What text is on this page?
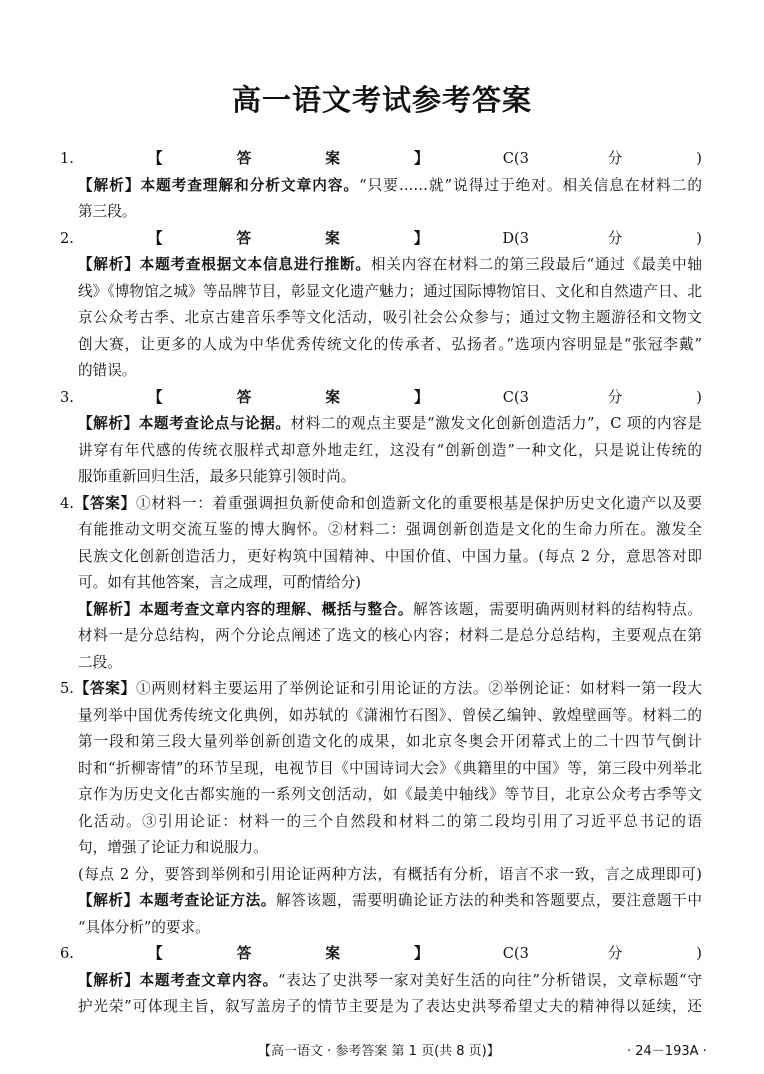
高一语文考试参考答案
1.【答案】C(3 分)
【解析】本题考查理解和分析文章内容。“只要……就”说得过于绝对。相关信息在材料二的
第三段。
2.【答案】D(3 分)
【解析】本题考查根据文本信息进行推断。相关内容在材料二的第三段最后“通过《最美中轴
线》《博物馆之城》等品牌节目，彰显文化遗产魅力；通过国际博物馆日、文化和自然遗产日、北
京公众考古季、北京古建音乐季等文化活动，吸引社会公众参与；通过文物主题游径和文物文
创大赛，让更多的人成为中华优秀传统文化的传承者、弘扬者。”选项内容明显是“张冠李戴”
的错误。
3.【答案】C(3 分)
【解析】本题考查论点与论据。材料二的观点主要是“激发文化创新创造活力”，C 项的内容是
讲穿有年代感的传统衣服样式却意外地走红，这没有“创新创造”一种文化，只是说让传统的
服饰重新回归生活，最多只能算引领时尚。
4.【答案】①材料一：着重强调担负新使命和创造新文化的重要根基是保护历史文化遗产以及要
有能推动文明交流互鉴的博大胸怀。②材料二：强调创新创造是文化的生命力所在。激发全
民族文化创新创造活力，更好构筑中国精神、中国价值、中国力量。(每点 2 分，意思答对即
可。如有其他答案，言之成理，可酌情给分)
【解析】本题考查文章内容的理解、概括与整合。解答该题，需要明确两则材料的结构特点。
材料一是分总结构，两个分论点阐述了选文的核心内容；材料二是总分总结构，主要观点在第
二段。
5.【答案】①两则材料主要运用了举例论证和引用论证的方法。②举例论证：如材料一第一段大
量列举中国优秀传统文化典例，如苏轼的《潇湘竹石图》、曾侯乙编钟、敦煌壁画等。材料二的
第一段和第三段大量列举创新创造文化的成果，如北京冬奥会开闭幕式上的二十四节气倒计
时和“折柳寄情”的环节呈现，电视节目《中国诗词大会》《典籍里的中国》等，第三段中列举北
京作为历史文化古都实施的一系列文创活动，如《最美中轴线》等节目，北京公众考古季等文
化活动。③引用论证：材料一的三个自然段和材料二的第二段均引用了习近平总书记的语
句，增强了论证力和说服力。
(每点 2 分，要答到举例和引用论证两种方法，有概括有分析，语言不求一致，言之成理即可)
【解析】本题考查论证方法。解答该题，需要明确论证方法的种类和答题要点，要注意题干中
“具体分析”的要求。
6.【答案】C(3 分)
【解析】本题考查文章内容。“表达了史洪琴一家对美好生活的向往”分析错误，文章标题“守
护光荣”可体现主旨，叙写盖房子的情节主要是为了表达史洪琴希望丈夫的精神得以延续，还
【高一语文 · 参考答案 第 1 页(共 8 页)】	· 24－193A ·
